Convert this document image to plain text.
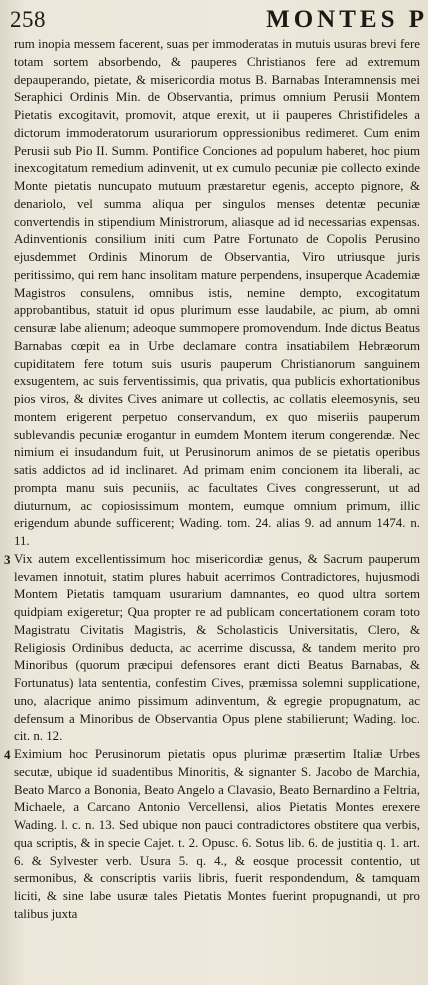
258	MONTES P

rum inopia messem facerent, suas per immoderatas in mutuis usuras brevi fere totam sortem absorbendo, & pauperes Christianos fere ad extremum depauperando, pietate, & misericordia motus B. Barnabas Interamnensis mei Seraphici Ordinis Min. de Observantia, primus omnium Perusii Montem Pietatis excogitavit, promovit, atque erexit, ut ii pauperes Christifideles a dictorum immoderatorum usurariorum oppressionibus redimeret. Cum enim Perusii sub Pio II. Summ. Pontifice Conciones ad populum haberet, hoc pium inexcogitatum remedium adinvenit, ut ex cumulo pecuniæ pie collecto exinde Monte pietatis nuncupato mutuum præstaretur egenis, accepto pignore, & denariolo, vel summa aliqua per singulos menses detentæ pecuniæ convertendis in stipendium Ministrorum, aliasque ad id necessarias expensas. Adinventionis consilium initi cum Patre Fortunato de Copolis Perusino ejusdemmet Ordinis Minorum de Observantia, Viro utriusque juris peritissimo, qui rem hanc insolitam mature perpendens, insuperque Academiæ Magistros consulens, omnibus istis, nemine dempto, excogitatum approbantibus, statuit id opus plurimum esse laudabile, ac pium, ab omni censuræ labe alienum; adeoque summopere promovendum. Inde dictus Beatus Barnabas cœpit ea in Urbe declamare contra insatiabilem Hebræorum cupiditatem fere totum suis usuris pauperum Christianorum sanguinem exsugentem, ac suis ferventissimis, qua privatis, qua publicis exhortationibus pios viros, & divites Cives animare ut collectis, ac collatis eleemosynis, seu montem erigerent perpetuo conservandum, ex quo miseriis pauperum sublevandis pecuniæ erogantur in eumdem Montem iterum congerendæ. Nec nimium ei insudandum fuit, ut Perusinorum animos de se pietatis operibus satis addictos ad id inclinaret. Ad primam enim concionem ita liberali, ac prompta manu suis pecuniis, ac facultates Cives congresserunt, ut ad diuturnum, ac copiosissimum montem, eumque omnium primum, illic erigendum abunde sufficerent; Wading. tom. 24. alias 9. ad annum 1474. n. 11.

3 Vix autem excellentissimum hoc misericordiæ genus, & Sacrum pauperum levamen innotuit, statim plures habuit acerrimos Contradictores, hujusmodi Montem Pietatis tamquam usurarium damnantes, eo quod ultra sortem quidpiam exigeretur; Qua propter re ad publicam concertationem coram toto Magistratu Civitatis Magistris, & Scholasticis Universitatis, Clero, & Religiosis Ordinibus deducta, ac acerrime discussa, & tandem merito pro Minoribus (quorum præcipui defensores erant dicti Beatus Barnabas, & Fortunatus) lata sententia, confestim Cives, præmissa solemni supplicatione, uno, alacrique animo pissimum adinventum, & egregie propugnatum, ac defensum a Minoribus de Observantia Opus plene stabilierunt; Wading. loc. cit. n. 12.

4 Eximium hoc Perusinorum pietatis opus plurimæ præsertim Italiæ Urbes secutæ, ubique id suadentibus Minoritis, & signanter S. Jacobo de Marchia, Beato Marco a Bononia, Beato Angelo a Clavasio, Beato Bernardino a Feltria, Michaele, a Carcano Antonio Vercellensi, alios Pietatis Montes erexere Wading. l. c. n. 13. Sed ubique non pauci contradictores obstitere qua verbis, qua scriptis, & in specie Cajet. t. 2. Opusc. 6. Sotus lib. 6. de justitia q. 1. art. 6. & Sylvester verb. Usura 5. q. 4., & eosque processit contentio, ut sermonibus, & conscriptis variis libris, fuerit respondendum, & tamquam liciti, & sine labe usuræ tales Pietatis Montes fuerint propugnandi, ut pro talibus juxta
